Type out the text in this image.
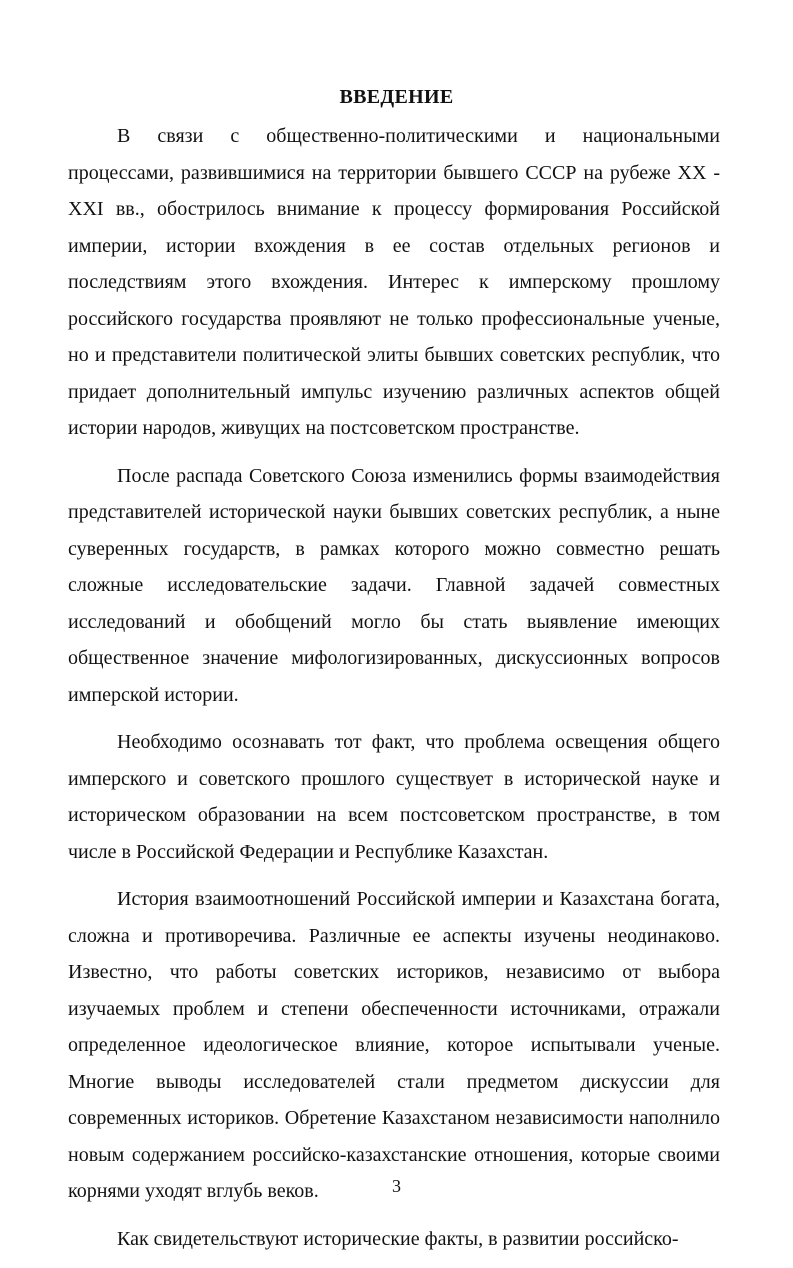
ВВЕДЕНИЕ

В связи с общественно-политическими и национальными процессами, развившимися на территории бывшего СССР на рубеже XX - XXI вв., обострилось внимание к процессу формирования Российской империи, истории вхождения в ее состав отдельных регионов и последствиям этого вхождения. Интерес к имперскому прошлому российского государства проявляют не только профессиональные ученые, но и представители политической элиты бывших советских республик, что придает дополнительный импульс изучению различных аспектов общей истории народов, живущих на постсоветском пространстве.

После распада Советского Союза изменились формы взаимодействия представителей исторической науки бывших советских республик, а ныне суверенных государств, в рамках которого можно совместно решать сложные исследовательские задачи. Главной задачей совместных исследований и обобщений могло бы стать выявление имеющих общественное значение мифологизированных, дискуссионных вопросов имперской истории.

Необходимо осознавать тот факт, что проблема освещения общего имперского и советского прошлого существует в исторической науке и историческом образовании на всем постсоветском пространстве, в том числе в Российской Федерации и Республике Казахстан.

История взаимоотношений Российской империи и Казахстана богата, сложна и противоречива. Различные ее аспекты изучены неодинаково. Известно, что работы советских историков, независимо от выбора изучаемых проблем и степени обеспеченности источниками, отражали определенное идеологическое влияние, которое испытывали ученые. Многие выводы исследователей стали предметом дискуссии для современных историков. Обретение Казахстаном независимости наполнило новым содержанием российско-казахстанские отношения, которые своими корнями уходят вглубь веков.

Как свидетельствуют исторические факты, в развитии российско-

3
